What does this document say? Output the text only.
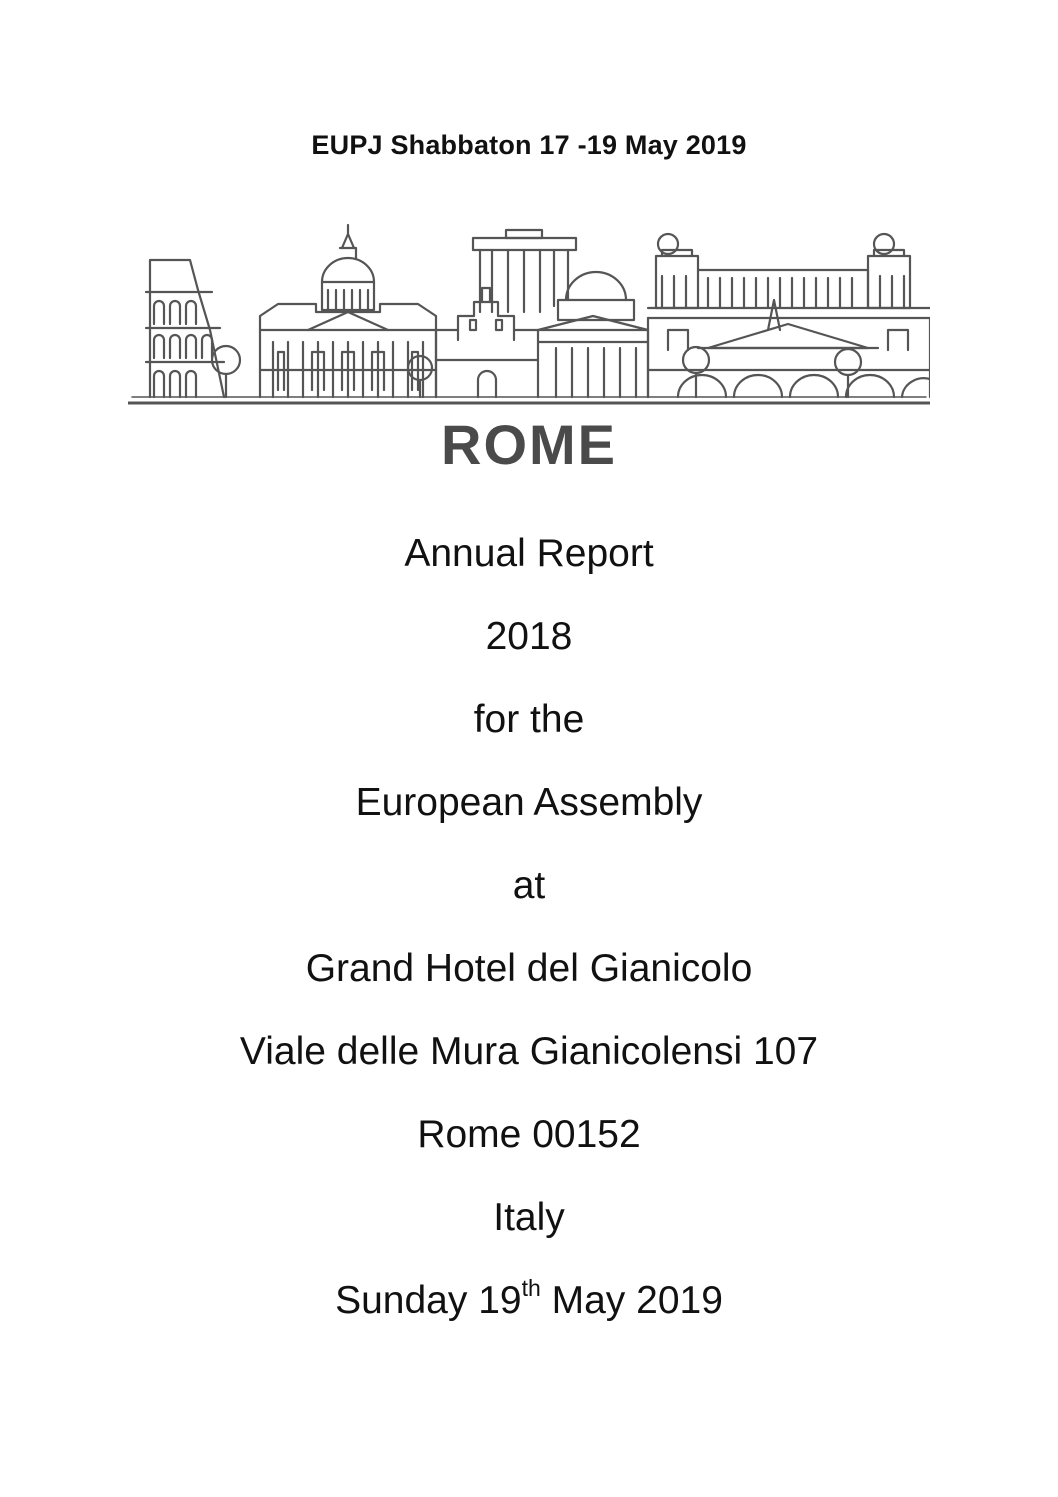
EUPJ Shabbaton 17 -19 May 2019
ROME
Annual Report
2018
for the
European Assembly
at
Grand Hotel del Gianicolo
Viale delle Mura Gianicolensi 107
Rome 00152
Italy
Sunday 19th May 2019
